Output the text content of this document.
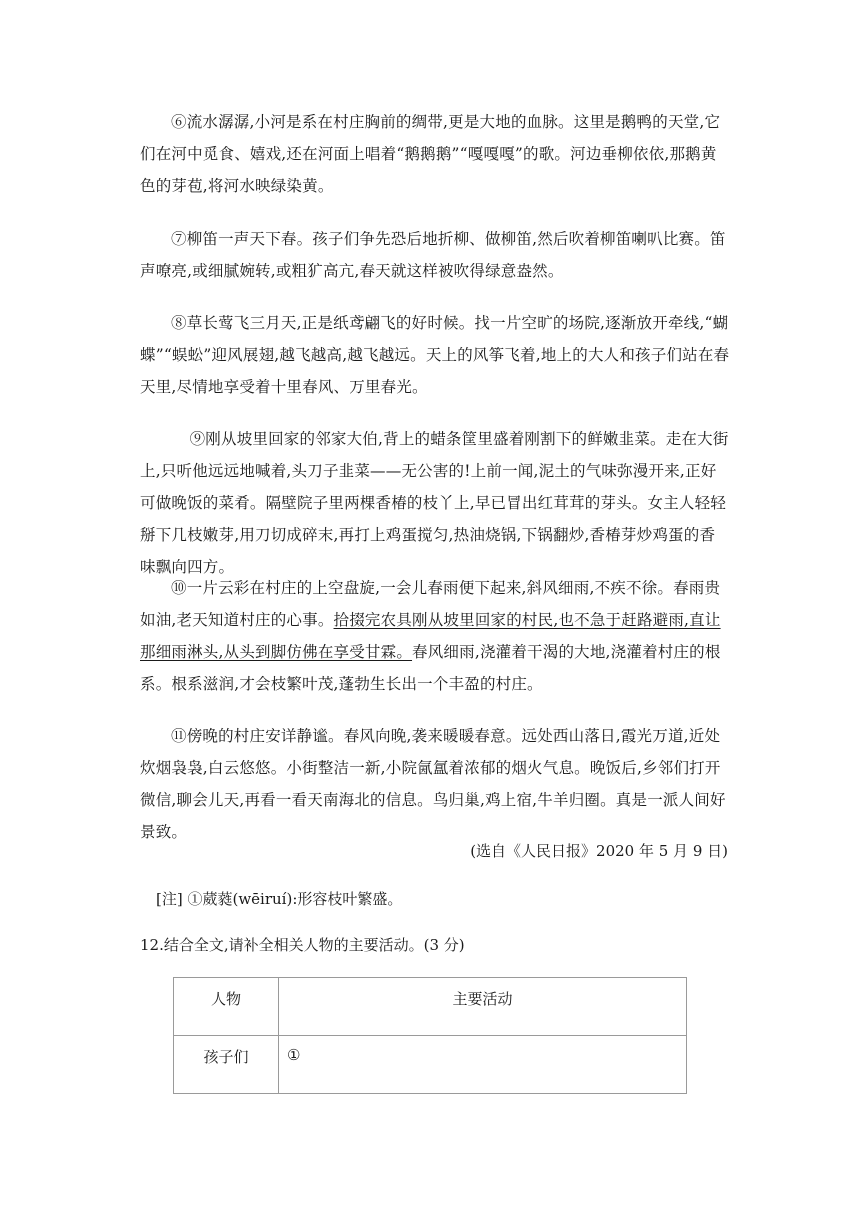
⑥流水潺潺,小河是系在村庄胸前的绸带,更是大地的血脉。这里是鹅鸭的天堂,它们在河中觅食、嬉戏,还在河面上唱着“鹅鹅鹅”“嘎嘎嘎”的歌。河边垂柳依依,那鹅黄色的芽苞,将河水映绿染黄。

⑦柳笛一声天下春。孩子们争先恐后地折柳、做柳笛,然后吹着柳笛喇叭比赛。笛声嘹亮,或细腻婉转,或粗犷高亢,春天就这样被吹得绿意盎然。

⑧草长莺飞三月天,正是纸鸢翩飞的好时候。找一片空旷的场院,逐渐放开牵线,“蝴蝶”“蜈蚣”迎风展翅,越飞越高,越飞越远。天上的风筝飞着,地上的大人和孩子们站在春天里,尽情地享受着十里春风、万里春光。

⑨刚从坡里回家的邻家大伯,背上的蜡条筐里盛着刚割下的鲜嫩韭菜。走在大街上,只听他远远地喊着,头刀子韭菜——无公害的!上前一闻,泥土的气味弥漫开来,正好可做晚饭的菜肴。隔壁院子里两棵香椿的枝丫上,早已冒出红茸茸的芽头。女主人轻轻掰下几枝嫩芽,用刀切成碎末,再打上鸡蛋搅匀,热油烧锅,下锅翻炒,香椿芽炒鸡蛋的香味飘向四方。

⑩一片云彩在村庄的上空盘旋,一会儿春雨便下起来,斜风细雨,不疾不徐。春雨贵如油,老天知道村庄的心事。拾掇完农具刚从坡里回家的村民,也不急于赶路避雨,直让那细雨淋头,从头到脚仿佛在享受甘霖。春风细雨,浇灌着干渴的大地,浇灌着村庄的根系。根系滋润,才会枝繁叶茂,蓬勃生长出一个丰盈的村庄。

⑪傍晚的村庄安详静谧。春风向晚,袭来暖暖春意。远处西山落日,霞光万道,近处炊烟袅袅,白云悠悠。小街整洁一新,小院氤氲着浓郁的烟火气息。晚饭后,乡邻们打开微信,聊会儿天,再看一看天南海北的信息。鸟归巢,鸡上宿,牛羊归圈。真是一派人间好景致。

(选自《人民日报》2020 年 5 月 9 日)
[注] ①葳蕤(wēiruí):形容枝叶繁盛。
12.结合全文,请补全相关人物的主要活动。(3 分)
人物	主要活动
孩子们	①
